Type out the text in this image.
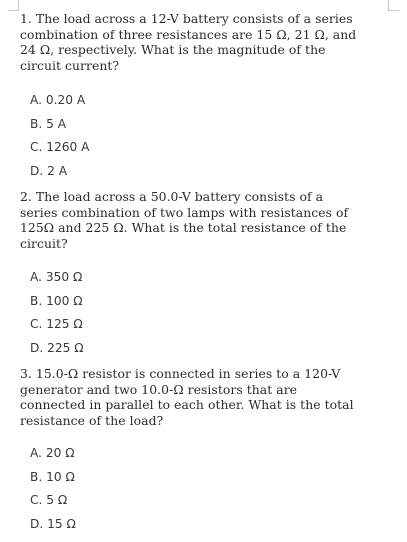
1. The load across a 12-V battery consists of a series
combination of three resistances are 15 Ω, 21 Ω, and
24 Ω, respectively. What is the magnitude of the
circuit current?
A. 0.20 A
B. 5 A
C. 1260 A
D. 2 A
2. The load across a 50.0-V battery consists of a
series combination of two lamps with resistances of
125Ω and 225 Ω. What is the total resistance of the
circuit?
A. 350 Ω
B. 100 Ω
C. 125 Ω
D. 225 Ω
3. 15.0-Ω resistor is connected in series to a 120-V
generator and two 10.0-Ω resistors that are
connected in parallel to each other. What is the total
resistance of the load?
A. 20 Ω
B. 10 Ω
C. 5 Ω
D. 15 Ω
